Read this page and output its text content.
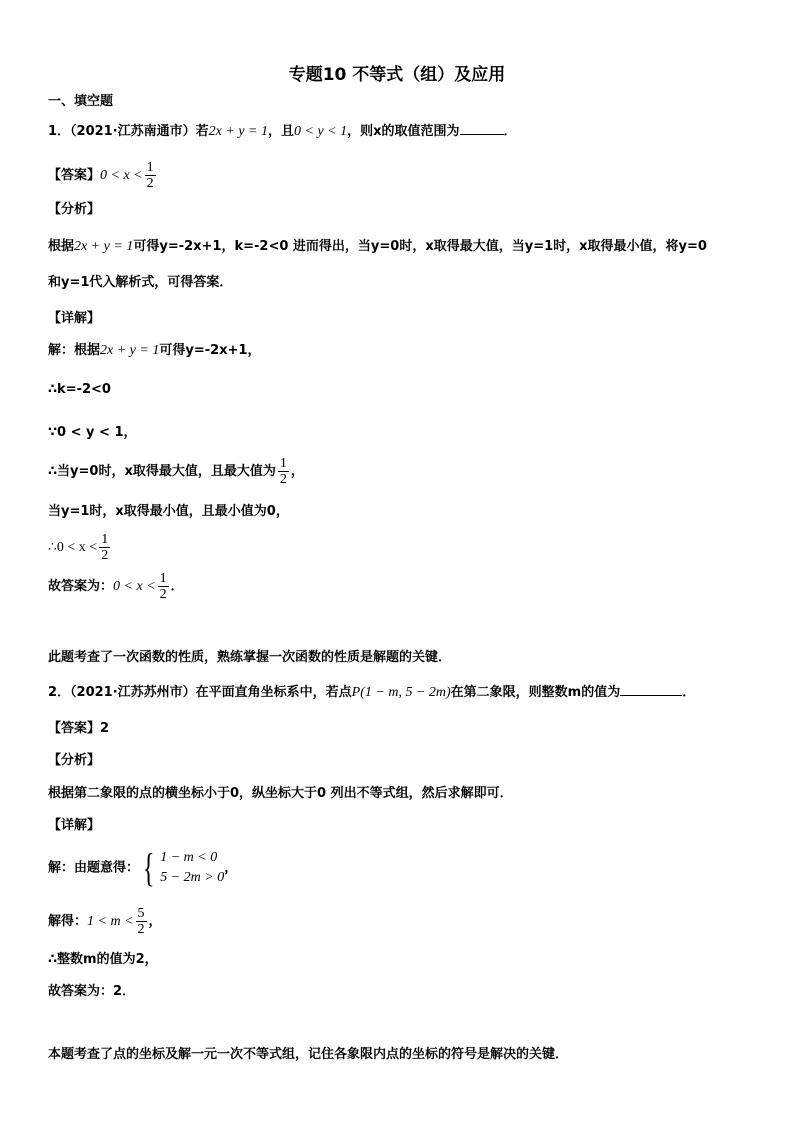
专题10 不等式（组）及应用
一、填空题
1．（2021·江苏南通市）若2x + y = 1，且0 < y < 1，则x的取值范围为	．
【答案】$0 < x < \frac{1}{2}$
【分析】
根据2x + y = 1可得y=-2x+1，k=-2<0 进而得出，当y=0时，x取得最大值，当y=1时，x取得最小值，将y=0
和y=1代入解析式，可得答案．
【详解】
解：根据2x + y = 1可得y=-2x+1，
∴k=-2<0
∵0 < y < 1，
∴当y=0时，x取得最大值，且最大值为 $\frac{1}{2}$ ，
当y=1时，x取得最小值，且最小值为0，
∴0 < $x < \frac{1}{2}$
故答案为：$0 < x < \frac{1}{2}$ ．
此题考查了一次函数的性质，熟练掌握一次函数的性质是解题的关键．
2．（2021·江苏苏州市）在平面直角坐标系中，若点P(1 − m, 5 − 2m)在第二象限，则整数m的值为	．
【答案】2
【分析】
根据第二象限的点的横坐标小于0，纵坐标大于0 列出不等式组，然后求解即可．
【详解】
解：由题意得： { 1 − m < 0
5 − 2m > 0
，
解得：$1 < m < \frac{5}{2}$ ，
∴整数m的值为2，
故答案为：2．
本题考查了点的坐标及解一元一次不等式组，记住各象限内点的坐标的符号是解决的关键．
